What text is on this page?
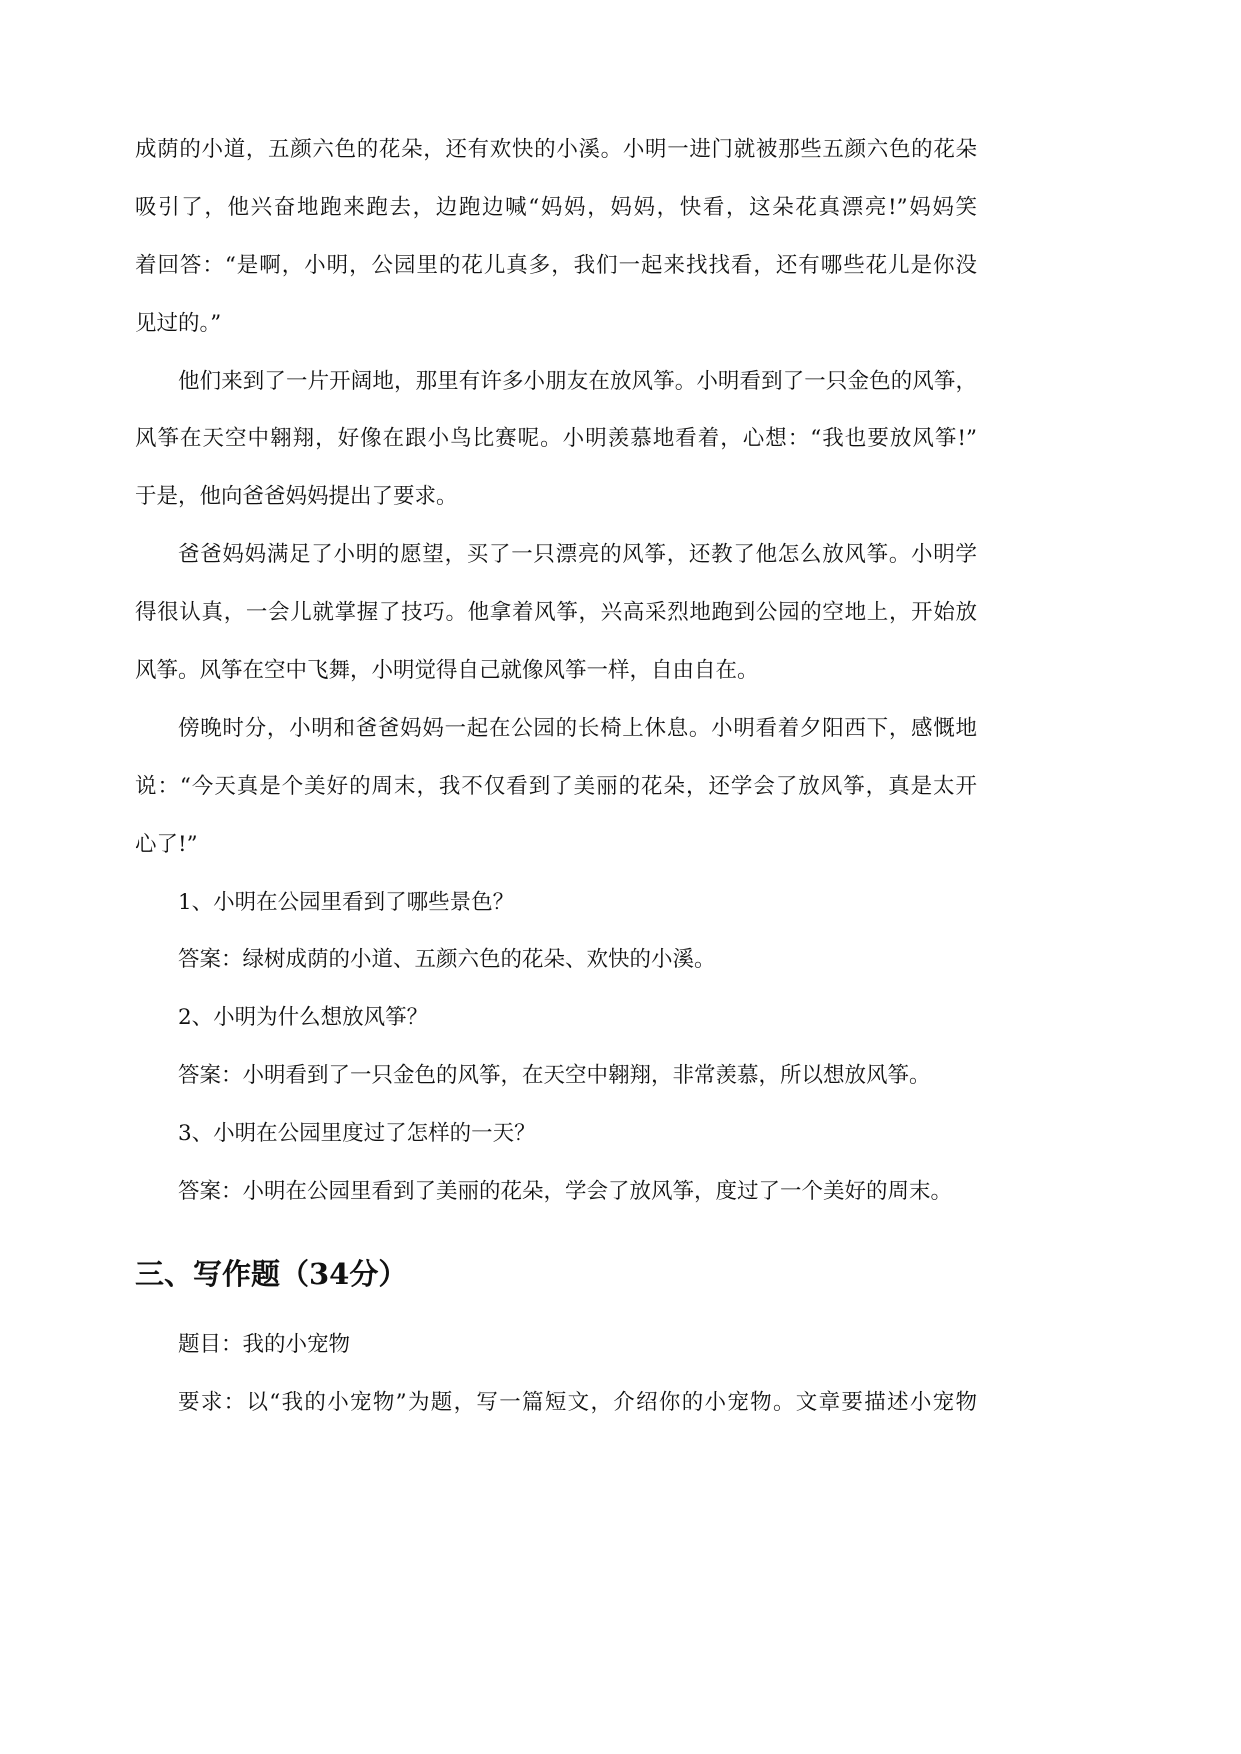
成荫的小道，五颜六色的花朵，还有欢快的小溪。小明一进门就被那些五颜六色的花朵
吸引了，他兴奋地跑来跑去，边跑边喊“妈妈，妈妈，快看，这朵花真漂亮!”妈妈笑
着回答：“是啊，小明，公园里的花儿真多，我们一起来找找看，还有哪些花儿是你没
见过的。”
他们来到了一片开阔地，那里有许多小朋友在放风筝。小明看到了一只金色的风筝，
风筝在天空中翱翔，好像在跟小鸟比赛呢。小明羡慕地看着，心想：“我也要放风筝!”
于是，他向爸爸妈妈提出了要求。
爸爸妈妈满足了小明的愿望，买了一只漂亮的风筝，还教了他怎么放风筝。小明学
得很认真，一会儿就掌握了技巧。他拿着风筝，兴高采烈地跑到公园的空地上，开始放
风筝。风筝在空中飞舞，小明觉得自己就像风筝一样，自由自在。
傍晚时分，小明和爸爸妈妈一起在公园的长椅上休息。小明看着夕阳西下，感慨地
说：“今天真是个美好的周末，我不仅看到了美丽的花朵，还学会了放风筝，真是太开
心了!”
1、小明在公园里看到了哪些景色？
答案：绿树成荫的小道、五颜六色的花朵、欢快的小溪。
2、小明为什么想放风筝？
答案：小明看到了一只金色的风筝，在天空中翱翔，非常羡慕，所以想放风筝。
3、小明在公园里度过了怎样的一天？
答案：小明在公园里看到了美丽的花朵，学会了放风筝，度过了一个美好的周末。
三、写作题（34分）
题目：我的小宠物
要求：以“我的小宠物”为题，写一篇短文，介绍你的小宠物。文章要描述小宠物
